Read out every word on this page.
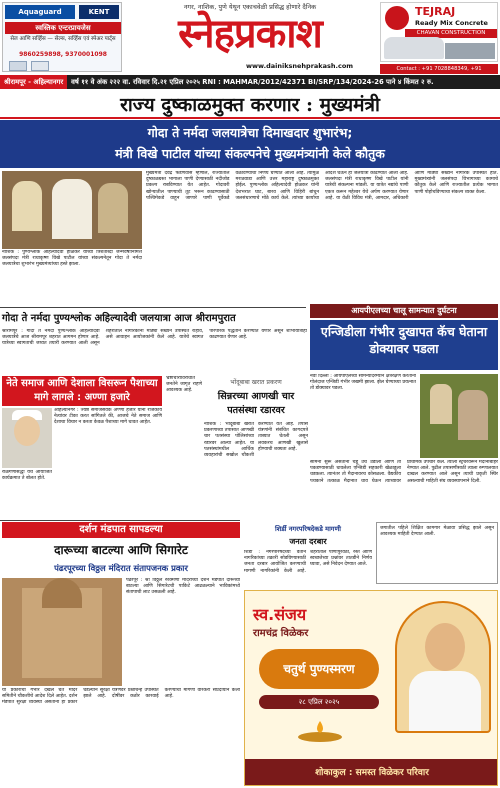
Aquaguard	KENT
स्वस्तिक एन्टरप्रायजेस
सेल आणि सर्व्हिस — सेल्स, सर्व्हिस एवं स्पेअर पार्ट्स
9860259898, 9370001098
नगर, नाशिक, पुणे येथून एकाचवेळी प्रसिद्ध होणारे दैनिक
स्नेहप्रकाश
www.dainiksnehprakash.com
TEJRAJ
Ready Mix Concrete
CHAVAN CONSTRUCTION
Contact : +91 7028848349, +91
श्रीरामपूर - अहिल्यानगर वर्ष ११ वे अंक २२२ वा. रविवार दि.२१ एप्रिल २०२५ RNI : MAHMAR/2012/42371 BI/SRP/134/2024-26 पाने ४ किंमत २ रु.
राज्य दुष्काळमुक्त करणार : मुख्यमंत्री
गोदा ते नर्मदा जलयात्रेचा दिमाखदार शुभारंभ;
मंत्री विखे पाटील यांच्या संकल्पनेचे मुख्यमंत्र्यांनी केले कौतुक
नाशिक : पुण्यश्लोक अहिल्यादेवी होळकर यांच्या त्रिशताब्दी जन्मवर्षानिमित्त जलसंपदा मंत्री राधाकृष्ण विखे पाटील यांच्या संकल्पनेतून गोदा ते नर्मदा जलयात्रेचा शुभारंभ मुख्यमंत्र्यांच्या हस्ते झाला.
मुख्यमंत्री देवेंद्र फडणवीस म्हणाले, राज्यातील दुष्काळग्रस्त भागाला पाणी देण्यासाठी नदीजोड प्रकल्प राबविण्यात येत आहेत. गोदावरी खोऱ्यातील पाण्याची तूट भरून काढण्यासाठी पश्चिमेकडे वाहून जाणारे पाणी पूर्वेकडे वळविण्याचा निर्णय घेण्यात आला आहे. त्यामुळे मराठवाडा आणि उत्तर महाराष्ट्र दुष्काळमुक्त होईल. पुण्यश्लोक अहिल्यादेवी होळकर यांनी देशभरात घाट, बारव आणि विहिरी बांधून जलसंधारणाचे मोठे कार्य केले. त्यांच्या कार्याचा आदर्श घेऊन ही जलयात्रा काढण्यात आली आहे. जलसंपदा मंत्री राधाकृष्ण विखे पाटील यांनी यात्रेची संकल्पना मांडली. या यात्रेत नद्यांचे पाणी एकत्र करून महेश्वर येथे अर्पण करण्यात येणार आहे. या वेळी विविध मंत्री, आमदार, अधिकारी आणि मोठ्या संख्येने नागरिक उपस्थित होते. मुख्यमंत्र्यांनी जलसंपदा विभागाच्या कामाचे कौतुक केले आणि राज्यातील प्रत्येक भागात पाणी पोहोचविण्याचा संकल्प व्यक्त केला.
गोदा ते नर्मदा पुण्यश्लोक अहिल्यादेवी जलयात्रा आज श्रीरामपुरात
श्रीरामपूर : गोदा ते नर्मदा पुण्यश्लोक अहिल्यादेवी जलयात्रेचे आज श्रीरामपूर शहरात आगमन होणार आहे. यात्रेच्या स्वागताची जय्यत तयारी करण्यात आली असून शहरातील नागरिकांनी मोठ्या संख्येने उपस्थित राहावे, असे आवाहन आयोजकांनी केले आहे. यात्रेचे स्वागत पारंपरिक पद्धतीने करण्यात येणार असून शोभायात्राही काढण्यात येणार आहे.
आयपीएलच्या चालू सामन्यात दुर्घटना
एन्जिडीला गंभीर दुखापत कॅच घेताना डोक्यावर पडला
नवी दिल्ली : आयपीएलच्या सामन्यादरम्यान क्षेत्ररक्षण करताना गोलंदाज एन्जिडी गंभीर जखमी झाला. झेल घेण्याच्या प्रयत्नात तो डोक्यावर पडला.
सामना सुरू असताना चेंडू उंच उडाला आणि तो पकडण्यासाठी धावलेला एन्जिडी सहकारी खेळाडूला धडकला. त्यानंतर तो मैदानावरच कोसळला. वैद्यकीय पथकाने तत्काळ मैदानात धाव घेऊन त्याच्यावर प्राथमिक उपचार केले. त्याला स्ट्रेचरवरून मैदानाबाहेर नेण्यात आले. पुढील तपासणीसाठी त्याला रुग्णालयात दाखल करण्यात आले असून त्याची प्रकृती स्थिर असल्याची माहिती संघ व्यवस्थापनाने दिली.
नेते समाज आणि देशाला विसरून पैशाच्या मागे लागले : अण्णा हजारे
अहिल्यानगर : ज्येष्ठ समाजसेवक अण्णा हजारे यांनी राजकीय नेत्यांवर टीका करत सांगितले की, आजचे नेते समाज आणि देशाचा विचार न करता केवळ पैशाच्या मागे धावत आहेत.
राळेगणसिद्धी येथे आयोजित कार्यक्रमात ते बोलत होते.
भ्रष्टाचाराविरोधात जनतेने जागृत राहणे आवश्यक आहे.
भोंदूबाबा खरात प्रकरण
सिन्नरच्या आणखी चार पतसंस्था रडारवर
नाशिक : भोंदूबाबा खरात प्रकरणाच्या तपासात आणखी चार पतसंस्था पोलिसांच्या रडारवर आल्या आहेत. या पतसंस्थांमधील आर्थिक व्यवहारांची सखोल चौकशी करण्यात येत आहे. तपास यंत्रणांनी संबंधित कागदपत्रे ताब्यात घेतली असून लवकरच आणखी खुलासे होण्याची शक्यता आहे.
दर्शन मंडपात सापडल्या
दारूच्या बाटल्या आणि सिगारेट
पंढरपूरच्या विठ्ठल मंदिरात संतापजनक प्रकार
पंढरपूर : श्री विठ्ठल रुक्मिणी मंदिराच्या दर्शन मंडपात दारूच्या बाटल्या आणि सिगारेटची पाकिटे आढळल्याने भाविकांमध्ये संतापाची लाट उसळली आहे.
या प्रकाराची गंभीर दखल घेत मंदिर समितीने चौकशीचे आदेश दिले आहेत. दर्शन मंडपात सुरक्षा व्यवस्था असताना हा प्रकार घडल्याने सुरक्षा यंत्रणेवर प्रश्नचिन्ह उपस्थित झाले आहे. दोषींवर कठोर कारवाई करण्याची मागणी वारकरी संप्रदायाने केली आहे.
शिर्डी नगरपरिषदेकडे मागणी
जनता दरबार
शिर्डी : नगरपरिषदेच्या वतीने नागरिकांच्या तक्रारी सोडविण्यासाठी जनता दरबार आयोजित करण्याची मागणी नागरिकांनी केली आहे. शहरातील पाणीपुरवठा, रस्ते आणि स्वच्छतेच्या प्रश्नांवर तातडीने निर्णय घ्यावा, असे निवेदन देण्यात आले.
जगातील पहिले शिक्षित कामगार मेळावा प्रसिद्ध झाले असून आवश्यक माहिती देण्यात आली.
स्व.संजय
रामचंद्र विळेकर
चतुर्थ पुण्यस्मरण
२८ एप्रिल २०२५
शोकाकुल : समस्त विळेकर परिवार
